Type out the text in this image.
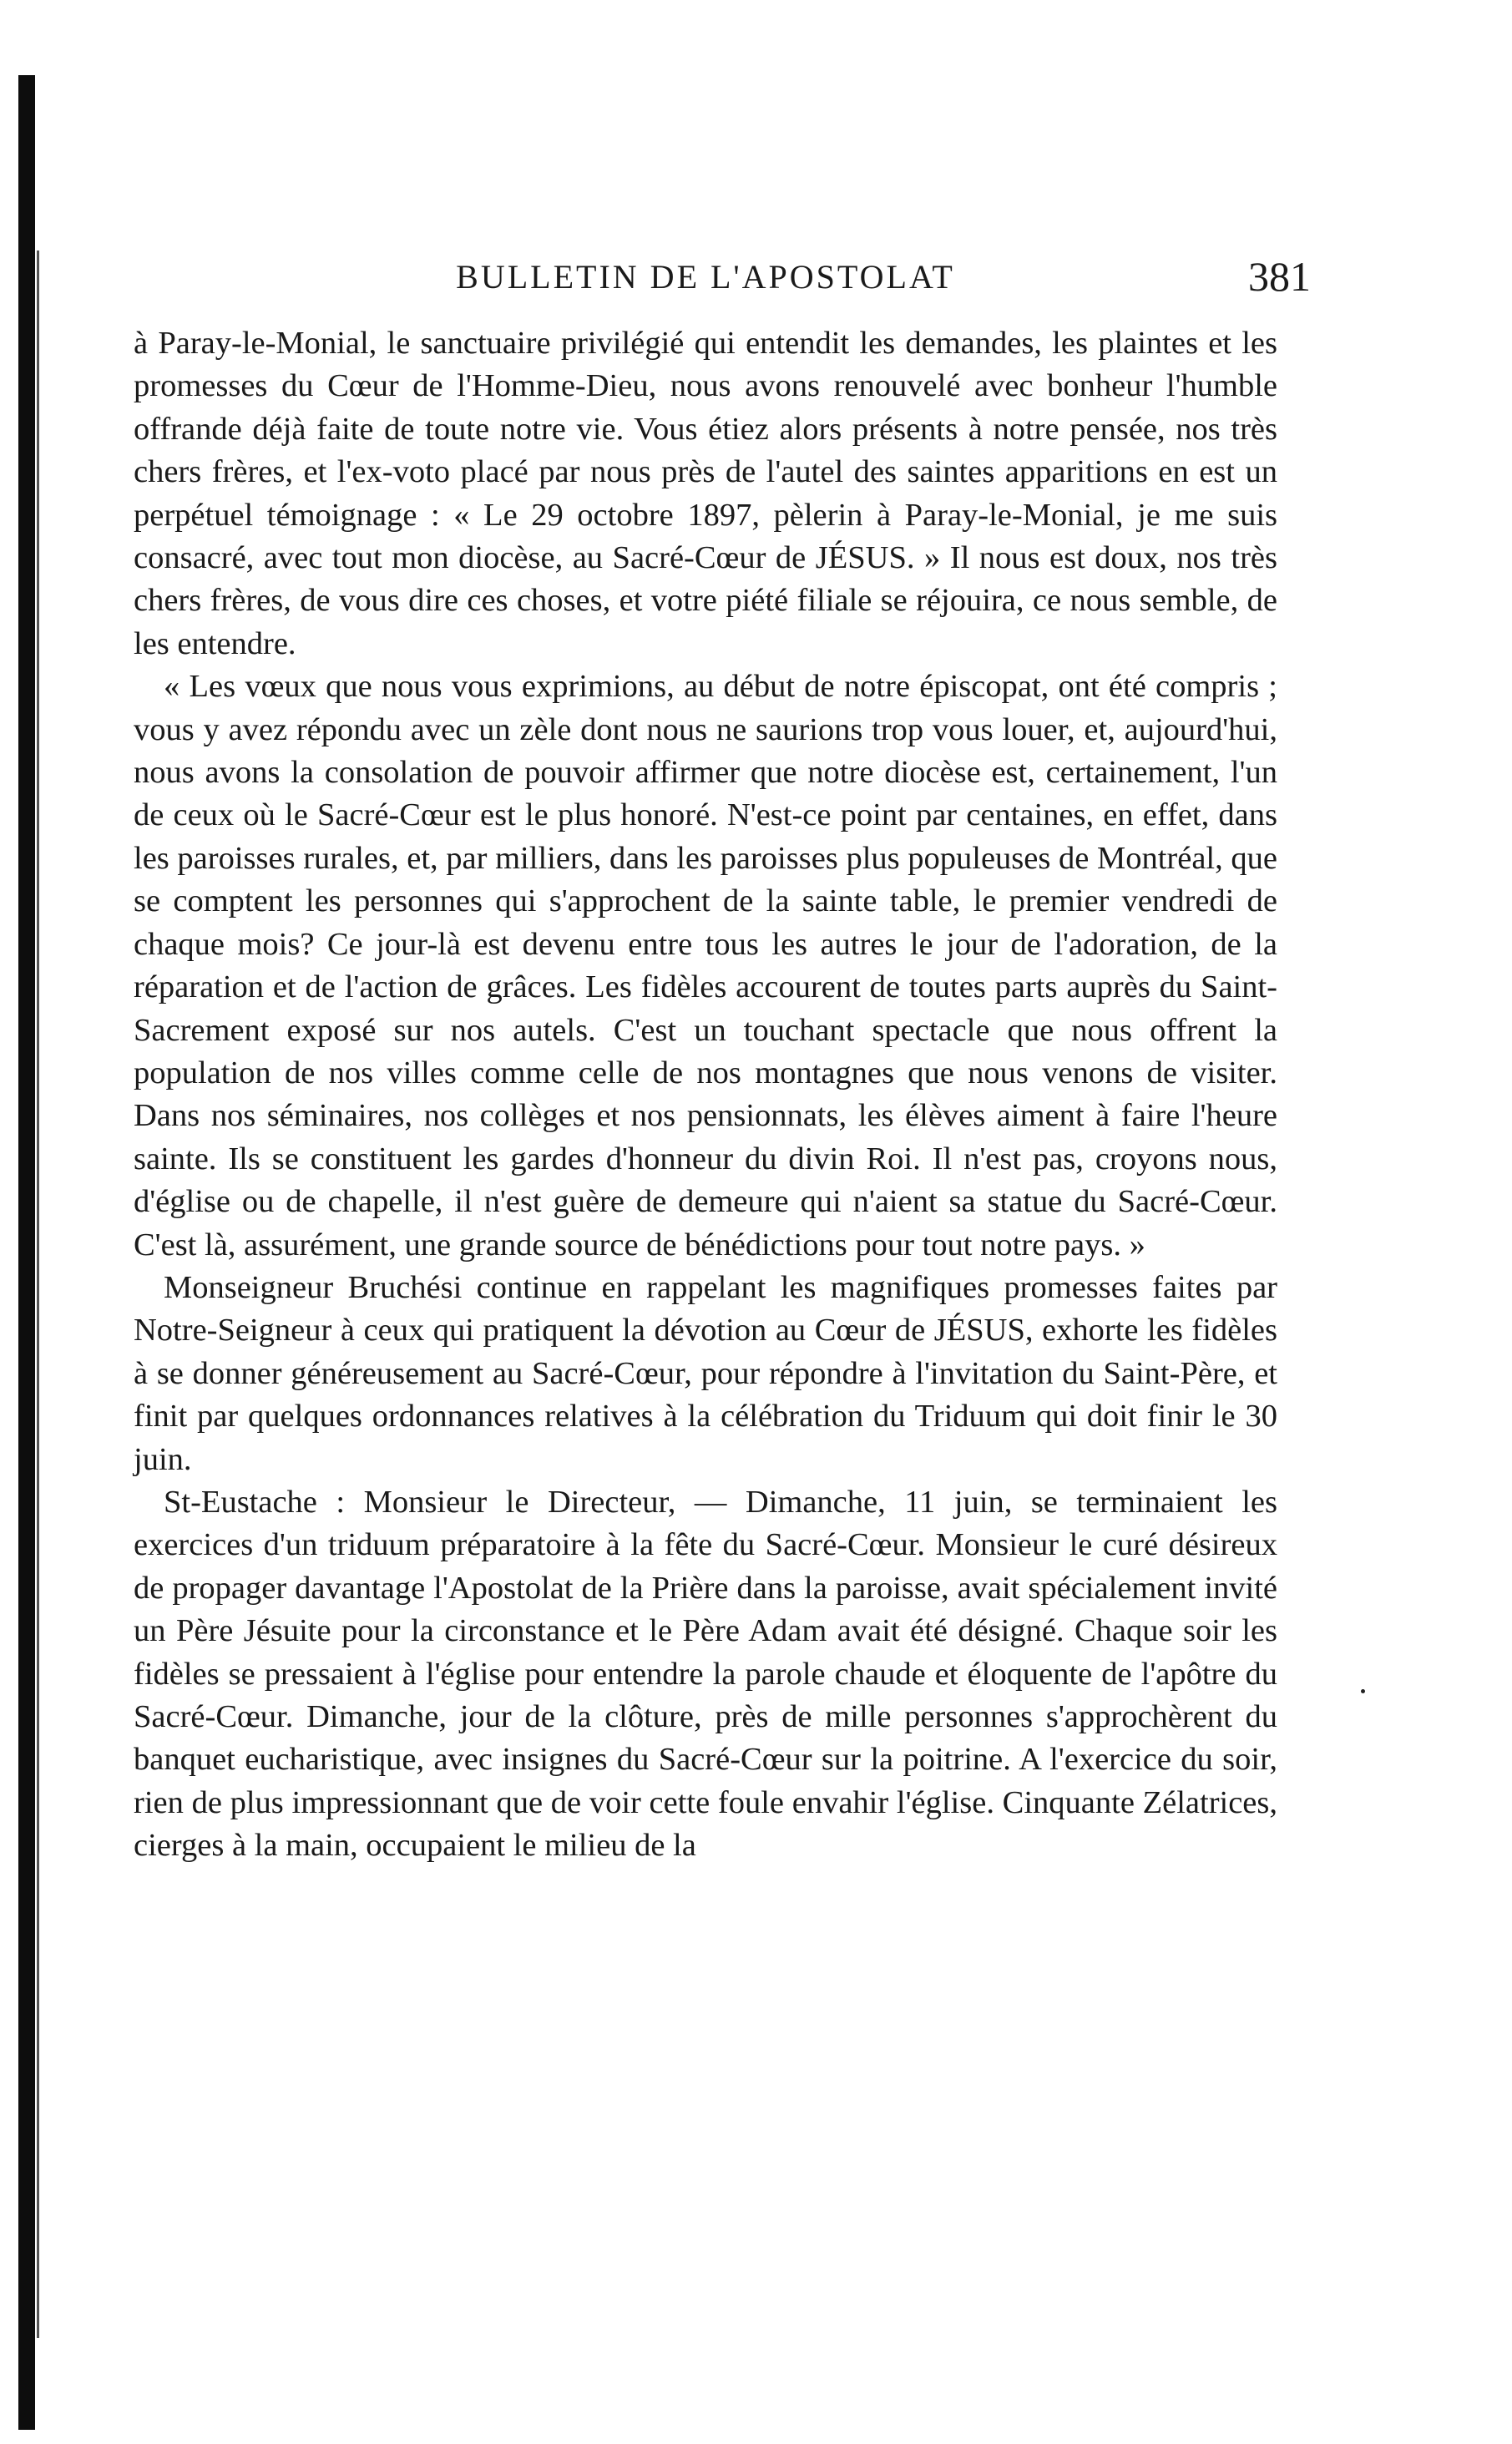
BULLETIN DE L'APOSTOLAT	381

à Paray-le-Monial, le sanctuaire privilégié qui entendit les demandes, les plaintes et les promesses du Cœur de l'Homme-Dieu, nous avons renouvelé avec bonheur l'humble offrande déjà faite de toute notre vie. Vous étiez alors présents à notre pensée, nos très chers frères, et l'ex-voto placé par nous près de l'autel des saintes apparitions en est un perpétuel témoignage : « Le 29 octobre 1897, pèlerin à Paray-le-Monial, je me suis consacré, avec tout mon diocèse, au Sacré-Cœur de JÉSUS. » Il nous est doux, nos très chers frères, de vous dire ces choses, et votre piété filiale se réjouira, ce nous semble, de les entendre.

« Les vœux que nous vous exprimions, au début de notre épiscopat, ont été compris ; vous y avez répondu avec un zèle dont nous ne saurions trop vous louer, et, aujourd'hui, nous avons la consolation de pouvoir affirmer que notre diocèse est, certainement, l'un de ceux où le Sacré-Cœur est le plus honoré. N'est-ce point par centaines, en effet, dans les paroisses rurales, et, par milliers, dans les paroisses plus populeuses de Montréal, que se comptent les personnes qui s'approchent de la sainte table, le premier vendredi de chaque mois? Ce jour-là est devenu entre tous les autres le jour de l'adoration, de la réparation et de l'action de grâces. Les fidèles accourent de toutes parts auprès du Saint-Sacrement exposé sur nos autels. C'est un touchant spectacle que nous offrent la population de nos villes comme celle de nos montagnes que nous venons de visiter. Dans nos séminaires, nos collèges et nos pensionnats, les élèves aiment à faire l'heure sainte. Ils se constituent les gardes d'honneur du divin Roi. Il n'est pas, croyons nous, d'église ou de chapelle, il n'est guère de demeure qui n'aient sa statue du Sacré-Cœur. C'est là, assurément, une grande source de bénédictions pour tout notre pays. »

Monseigneur Bruchési continue en rappelant les magnifiques promesses faites par Notre-Seigneur à ceux qui pratiquent la dévotion au Cœur de JÉSUS, exhorte les fidèles à se donner généreusement au Sacré-Cœur, pour répondre à l'invitation du Saint-Père, et finit par quelques ordonnances relatives à la célébration du Triduum qui doit finir le 30 juin.

St-Eustache : Monsieur le Directeur, — Dimanche, 11 juin, se terminaient les exercices d'un triduum préparatoire à la fête du Sacré-Cœur. Monsieur le curé désireux de propager davantage l'Apostolat de la Prière dans la paroisse, avait spécialement invité un Père Jésuite pour la circonstance et le Père Adam avait été désigné. Chaque soir les fidèles se pressaient à l'église pour entendre la parole chaude et éloquente de l'apôtre du Sacré-Cœur. Dimanche, jour de la clôture, près de mille personnes s'approchèrent du banquet eucharistique, avec insignes du Sacré-Cœur sur la poitrine. A l'exercice du soir, rien de plus impressionnant que de voir cette foule envahir l'église. Cinquante Zélatrices, cierges à la main, occupaient le milieu de la
